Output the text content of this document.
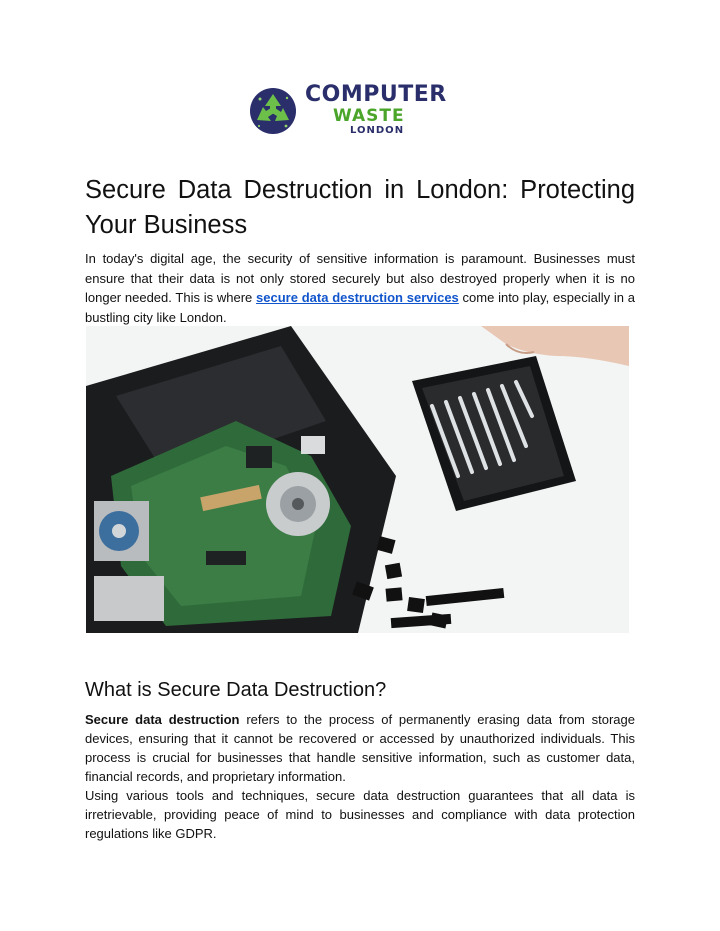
COMPUTER
WASTE
LONDON
Secure Data Destruction in London: Protecting Your Business

In today's digital age, the security of sensitive information is paramount. Businesses must ensure that their data is not only stored securely but also destroyed properly when it is no longer needed. This is where secure data destruction services come into play, especially in a bustling city like London.

What is Secure Data Destruction?

Secure data destruction refers to the process of permanently erasing data from storage devices, ensuring that it cannot be recovered or accessed by unauthorized individuals. This process is crucial for businesses that handle sensitive information, such as customer data, financial records, and proprietary information.

Using various tools and techniques, secure data destruction guarantees that all data is irretrievable, providing peace of mind to businesses and compliance with data protection regulations like GDPR.
